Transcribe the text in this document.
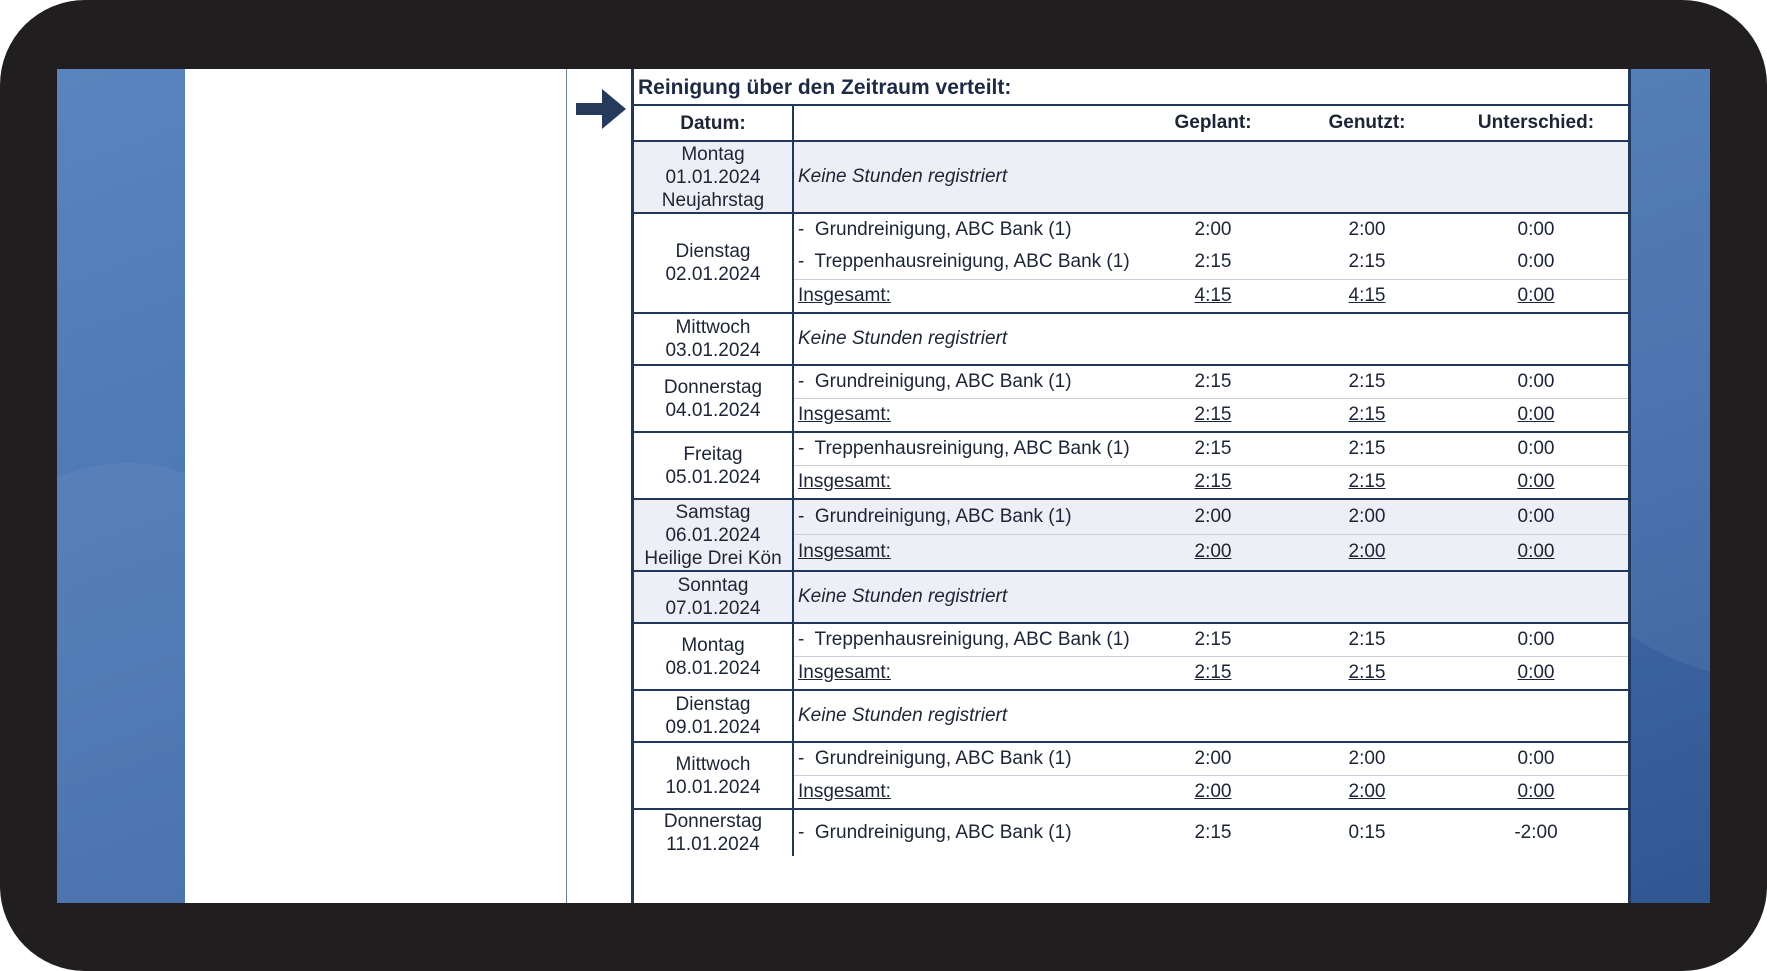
Reinigung über den Zeitraum verteilt:
Datum:		Geplant:	Genutzt:	Unterschied:
Montag
01.01.2024
Neujahrstag	Keine Stunden registriert			
Dienstag
02.01.2024	-  Grundreinigung, ABC Bank (1)	2:00	2:00	0:00
	-  Treppenhausreinigung, ABC Bank (1)	2:15	2:15	0:00
	Insgesamt:	4:15	4:15	0:00
Mittwoch
03.01.2024	Keine Stunden registriert			
Donnerstag
04.01.2024	-  Grundreinigung, ABC Bank (1)	2:15	2:15	0:00
	Insgesamt:	2:15	2:15	0:00
Freitag
05.01.2024	-  Treppenhausreinigung, ABC Bank (1)	2:15	2:15	0:00
	Insgesamt:	2:15	2:15	0:00
Samstag
06.01.2024
Heilige Drei Kön	-  Grundreinigung, ABC Bank (1)	2:00	2:00	0:00
	Insgesamt:	2:00	2:00	0:00
Sonntag
07.01.2024	Keine Stunden registriert			
Montag
08.01.2024	-  Treppenhausreinigung, ABC Bank (1)	2:15	2:15	0:00
	Insgesamt:	2:15	2:15	0:00
Dienstag
09.01.2024	Keine Stunden registriert			
Mittwoch
10.01.2024	-  Grundreinigung, ABC Bank (1)	2:00	2:00	0:00
	Insgesamt:	2:00	2:00	0:00
Donnerstag
11.01.2024	-  Grundreinigung, ABC Bank (1)	2:15	0:15	-2:00
